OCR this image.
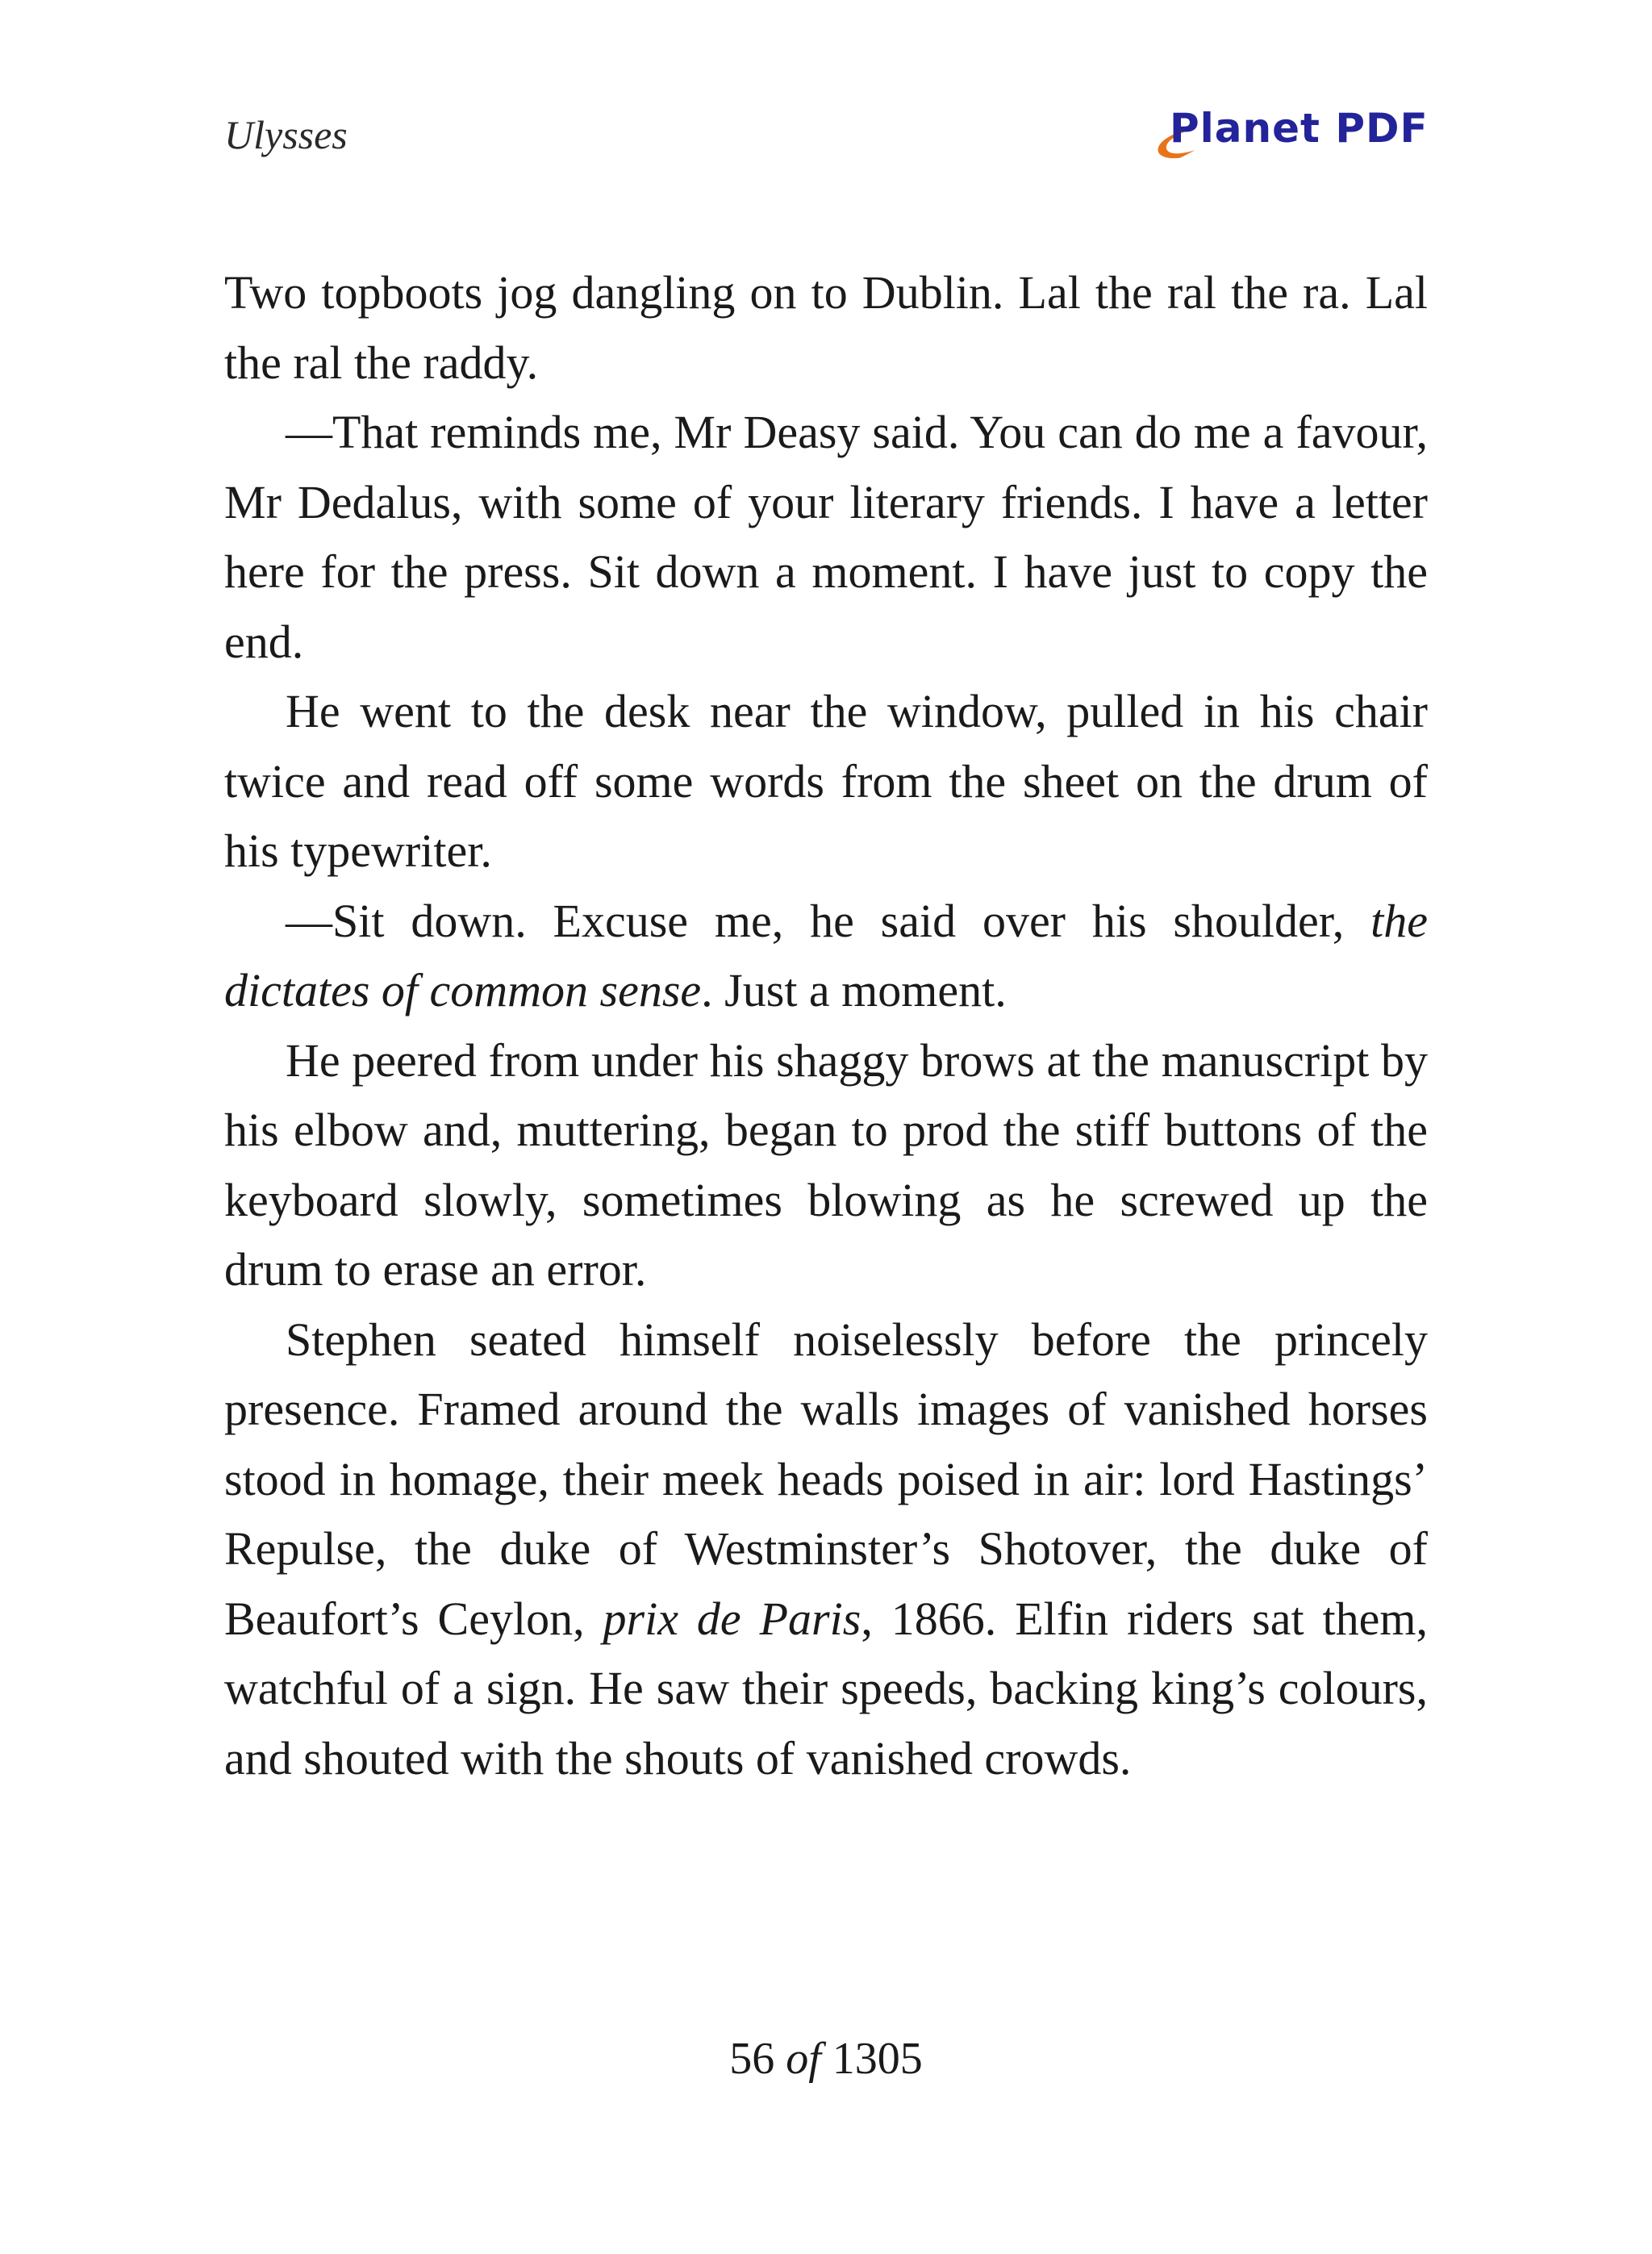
Ulysses	Planet PDF

Two topboots jog dangling on to Dublin. Lal the ral the ra. Lal the ral the raddy.

—That reminds me, Mr Deasy said. You can do me a favour, Mr Dedalus, with some of your literary friends. I have a letter here for the press. Sit down a moment. I have just to copy the end.

He went to the desk near the window, pulled in his chair twice and read off some words from the sheet on the drum of his typewriter.

—Sit down. Excuse me, he said over his shoulder, the dictates of common sense. Just a moment.

He peered from under his shaggy brows at the manuscript by his elbow and, muttering, began to prod the stiff buttons of the keyboard slowly, sometimes blowing as he screwed up the drum to erase an error.

Stephen seated himself noiselessly before the princely presence. Framed around the walls images of vanished horses stood in homage, their meek heads poised in air: lord Hastings’ Repulse, the duke of Westminster’s Shotover, the duke of Beaufort’s Ceylon, prix de Paris, 1866. Elfin riders sat them, watchful of a sign. He saw their speeds, backing king’s colours, and shouted with the shouts of vanished crowds.

56 of 1305
